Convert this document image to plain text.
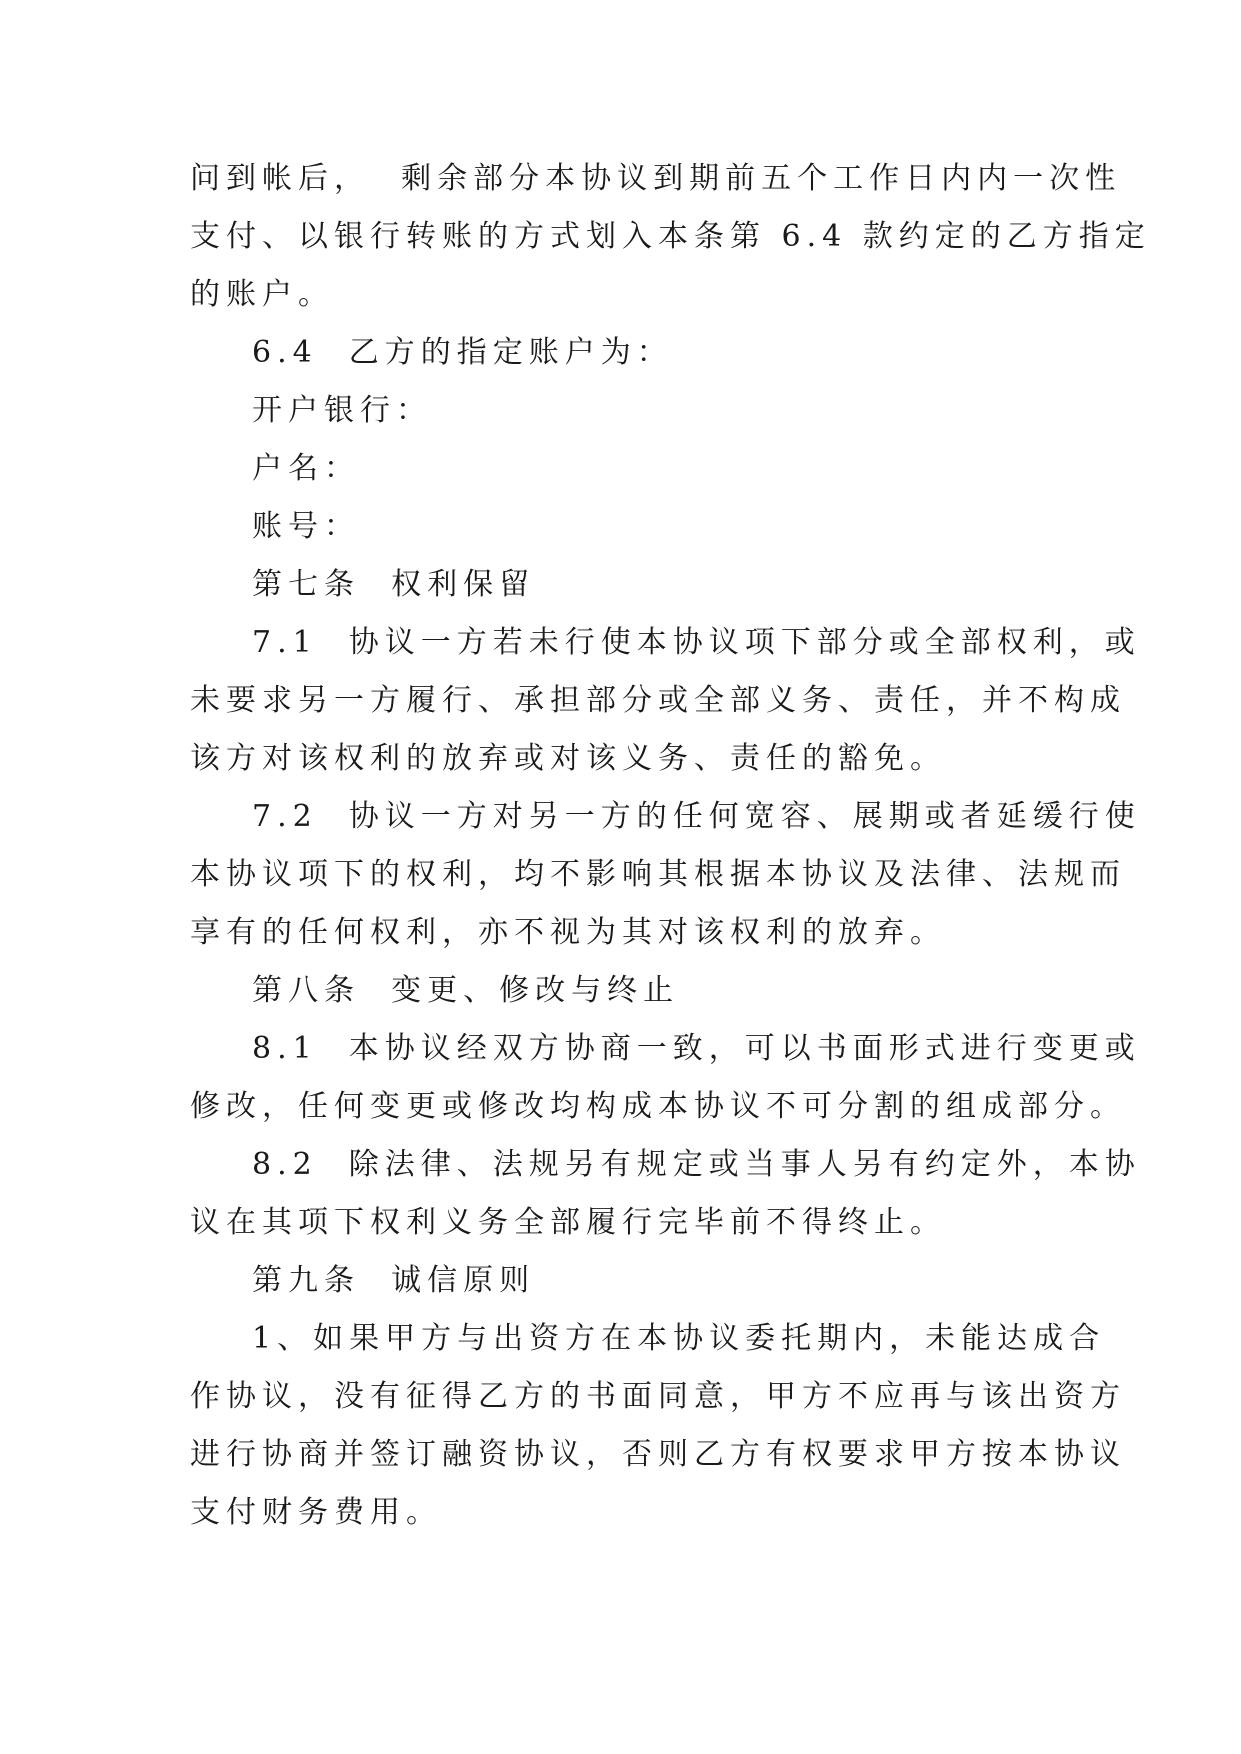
问到帐后，  剩余部分本协议到期前五个工作日内内一次性
支付、以银行转账的方式划入本条第 6.4 款约定的乙方指定
的账户。
6.4  乙方的指定账户为：
开户银行：
户名：
账号：
第七条  权利保留
7.1  协议一方若未行使本协议项下部分或全部权利，或
未要求另一方履行、承担部分或全部义务、责任，并不构成
该方对该权利的放弃或对该义务、责任的豁免。
7.2  协议一方对另一方的任何宽容、展期或者延缓行使
本协议项下的权利，均不影响其根据本协议及法律、法规而
享有的任何权利，亦不视为其对该权利的放弃。
第八条  变更、修改与终止
8.1  本协议经双方协商一致，可以书面形式进行变更或
修改，任何变更或修改均构成本协议不可分割的组成部分。
8.2  除法律、法规另有规定或当事人另有约定外，本协
议在其项下权利义务全部履行完毕前不得终止。
第九条  诚信原则
1、如果甲方与出资方在本协议委托期内，未能达成合
作协议，没有征得乙方的书面同意，甲方不应再与该出资方
进行协商并签订融资协议，否则乙方有权要求甲方按本协议
支付财务费用。
